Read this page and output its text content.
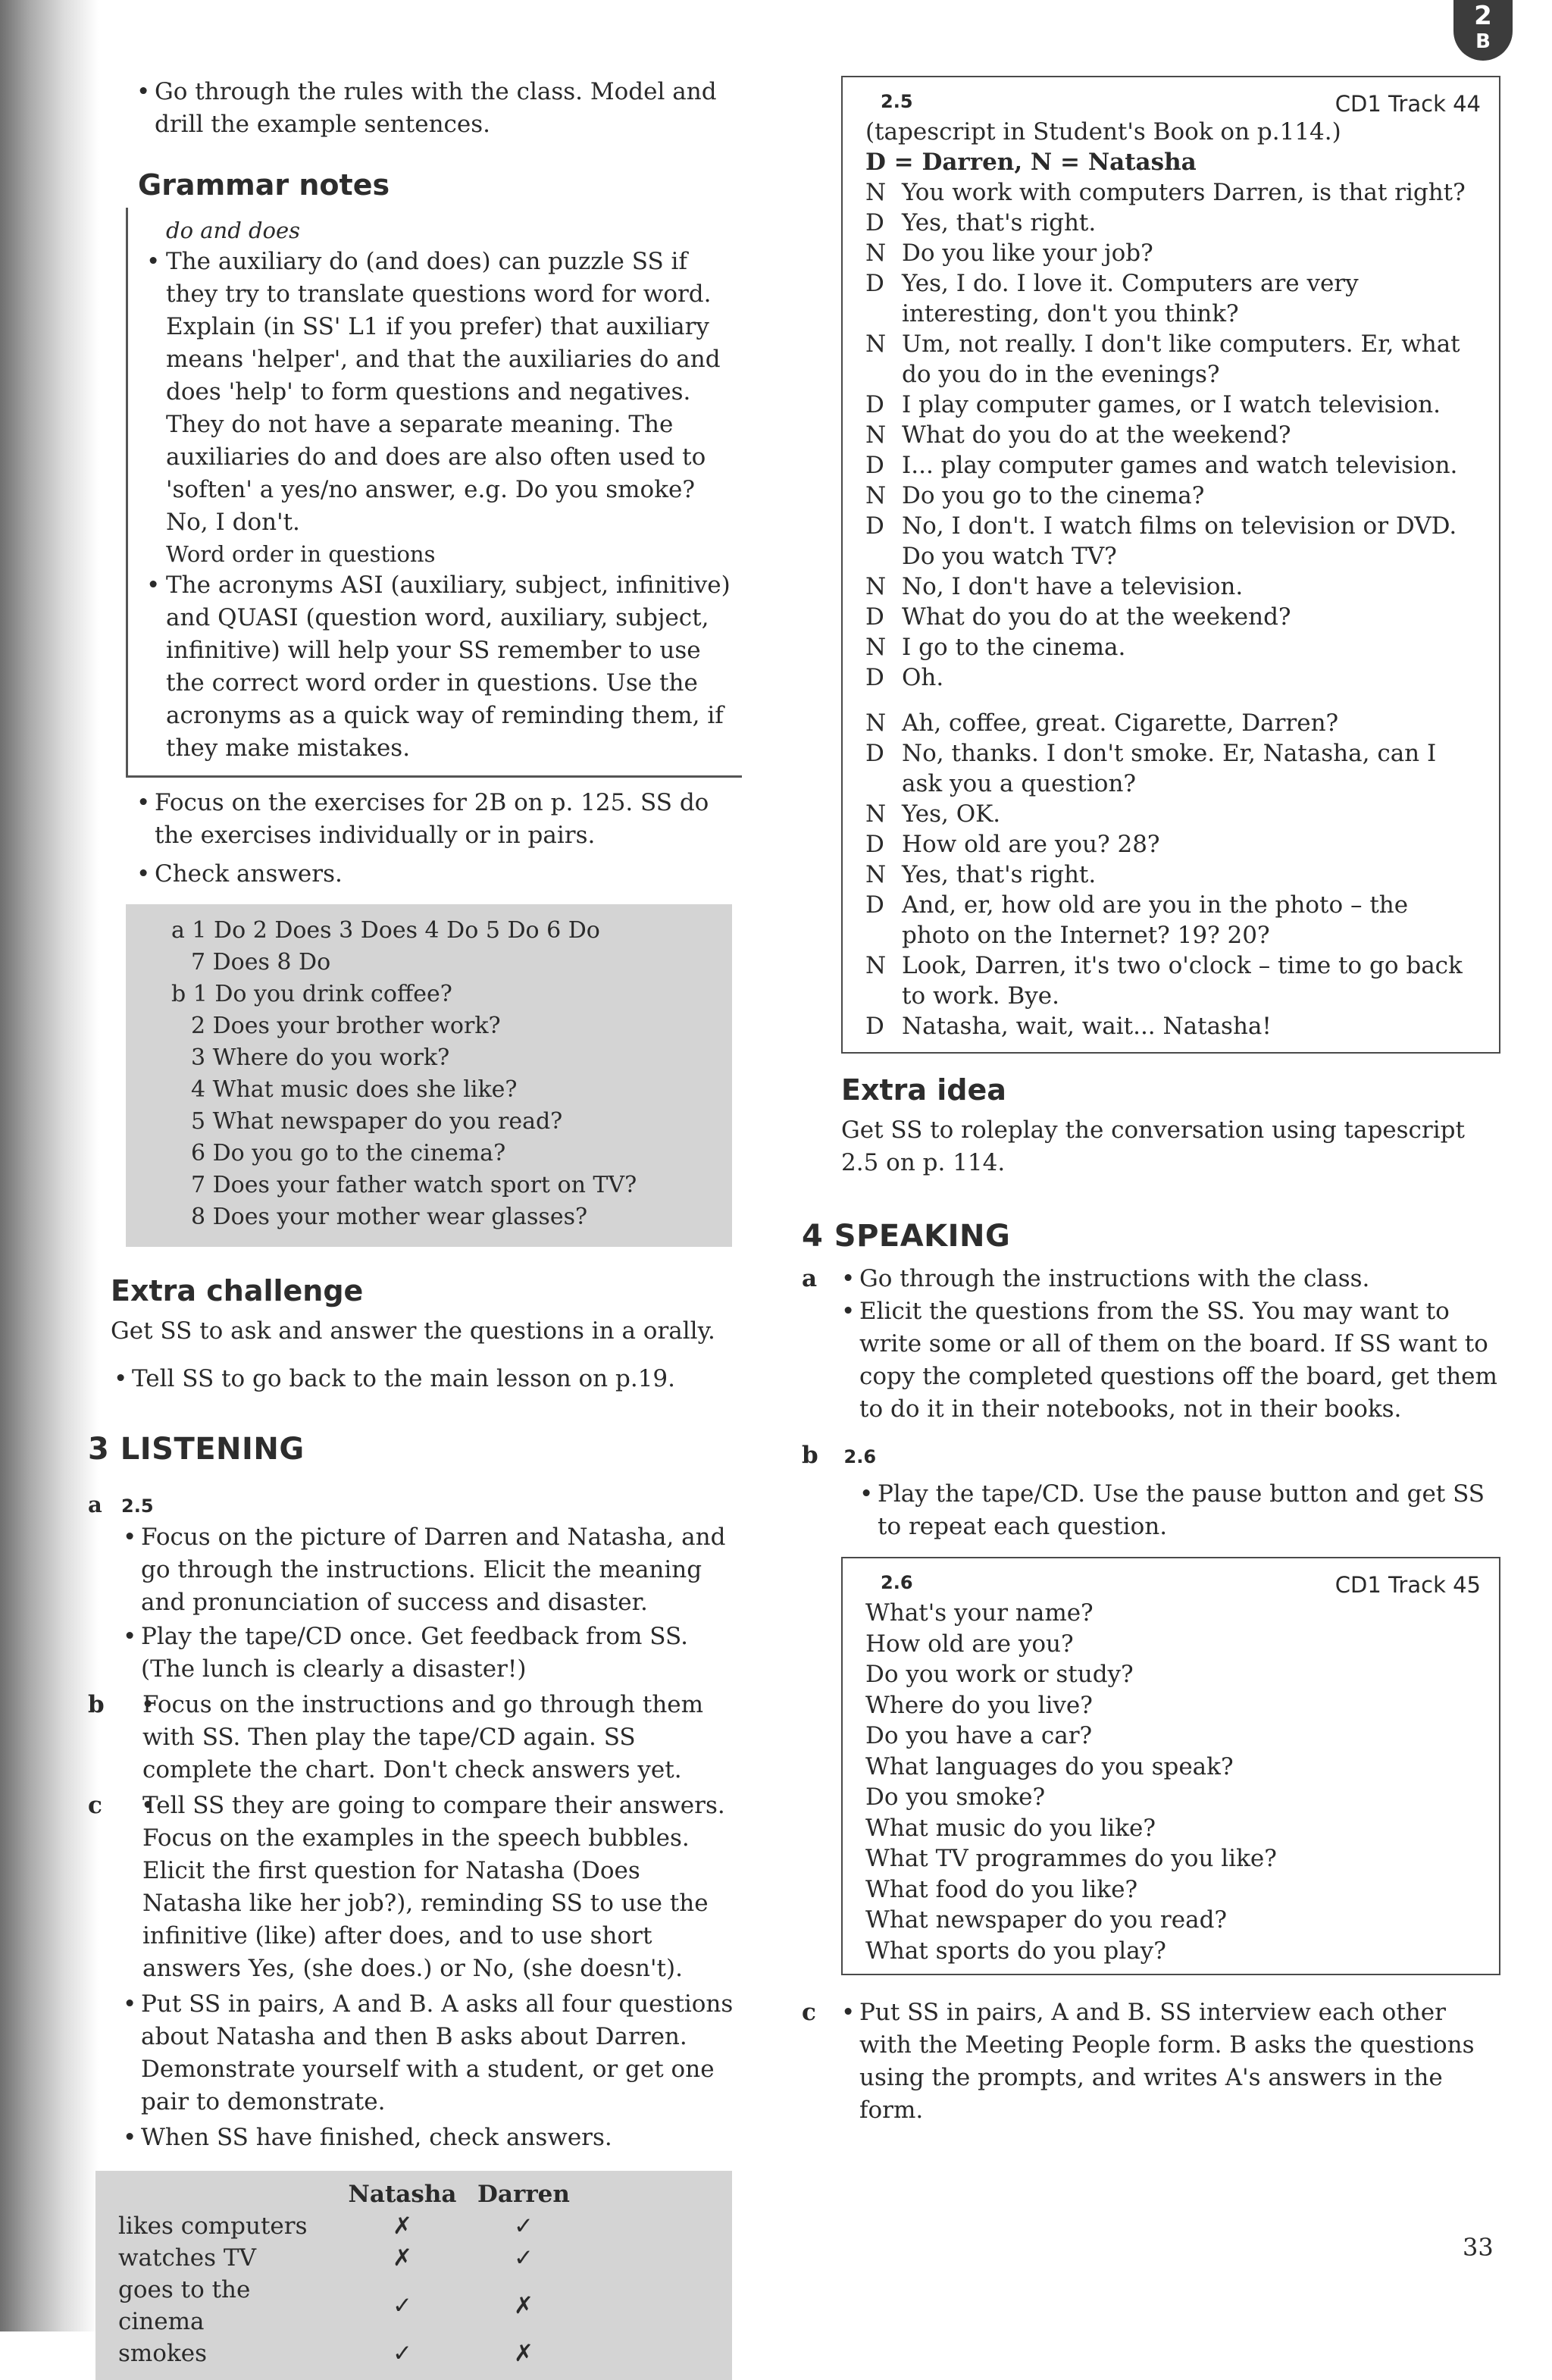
2
B

• Go through the rules with the class. Model and drill the example sentences.

Grammar notes

do and does

• The auxiliary do (and does) can puzzle SS if they try to translate questions word for word. Explain (in SS' L1 if you prefer) that auxiliary means 'helper', and that the auxiliaries do and does 'help' to form questions and negatives. They do not have a separate meaning. The auxiliaries do and does are also often used to 'soften' a yes/no answer, e.g. Do you smoke? No, I don't.

Word order in questions

• The acronyms ASI (auxiliary, subject, infinitive) and QUASI (question word, auxiliary, subject, infinitive) will help your SS remember to use the correct word order in questions. Use the acronyms as a quick way of reminding them, if they make mistakes.

• Focus on the exercises for 2B on p. 125. SS do the exercises individually or in pairs.

• Check answers.

a 1 Do 2 Does 3 Does 4 Do 5 Do 6 Do

7 Does 8 Do

b 1 Do you drink coffee?

2 Does your brother work?

3 Where do you work?

4 What music does she like?

5 What newspaper do you read?

6 Do you go to the cinema?

7 Does your father watch sport on TV?

8 Does your mother wear glasses?

Extra challenge

Get SS to ask and answer the questions in a orally.

• Tell SS to go back to the main lesson on p.19.

3 LISTENING
a 2.5

• Focus on the picture of Darren and Natasha, and go through the instructions. Elicit the meaning and pronunciation of success and disaster.

• Play the tape/CD once. Get feedback from SS. (The lunch is clearly a disaster!)

b	• Focus on the instructions and go through them with SS. Then play the tape/CD again. SS complete the chart. Don't check answers yet.

c	• Tell SS they are going to compare their answers. Focus on the examples in the speech bubbles. Elicit the first question for Natasha (Does Natasha like her job?), reminding SS to use the infinitive (like) after does, and to use short answers Yes, (she does.) or No, (she doesn't).

• Put SS in pairs, A and B. A asks all four questions about Natasha and then B asks about Darren. Demonstrate yourself with a student, or get one pair to demonstrate.

• When SS have finished, check answers.

	Natasha	Darren
likes computers	✗	✓
watches TV	✗	✓
goes to the cinema	✓	✗
smokes	✓	✗
2.5	CD1 Track 44

(tapescript in Student's Book on p.114.)

D = Darren, N = Natasha

N You work with computers Darren, is that right?
D Yes, that's right.
N Do you like your job?
D Yes, I do. I love it. Computers are very interesting, don't you think?
N Um, not really. I don't like computers. Er, what do you do in the evenings?
D I play computer games, or I watch television.
N What do you do at the weekend?
D I... play computer games and watch television.
N Do you go to the cinema?
D No, I don't. I watch films on television or DVD. Do you watch TV?
N No, I don't have a television.
D What do you do at the weekend?
N I go to the cinema.
D Oh.
N Ah, coffee, great. Cigarette, Darren?
D No, thanks. I don't smoke. Er, Natasha, can I ask you a question?
N Yes, OK.
D How old are you? 28?
N Yes, that's right.
D And, er, how old are you in the photo – the photo on the Internet? 19? 20?
N Look, Darren, it's two o'clock – time to go back to work. Bye.
D Natasha, wait, wait... Natasha!
Extra idea

Get SS to roleplay the conversation using tapescript 2.5 on p. 114.

4 SPEAKING
a	• Go through the instructions with the class.

• Elicit the questions from the SS. You may want to write some or all of them on the board. If SS want to copy the completed questions off the board, get them to do it in their notebooks, not in their books.

b 2.6

• Play the tape/CD. Use the pause button and get SS to repeat each question.

2.6	CD1 Track 45

What's your name?

How old are you?

Do you work or study?

Where do you live?

Do you have a car?

What languages do you speak?

Do you smoke?

What music do you like?

What TV programmes do you like?

What food do you like?

What newspaper do you read?

What sports do you play?

c	• Put SS in pairs, A and B. SS interview each other with the Meeting People form. B asks the questions using the prompts, and writes A's answers in the form.

33
